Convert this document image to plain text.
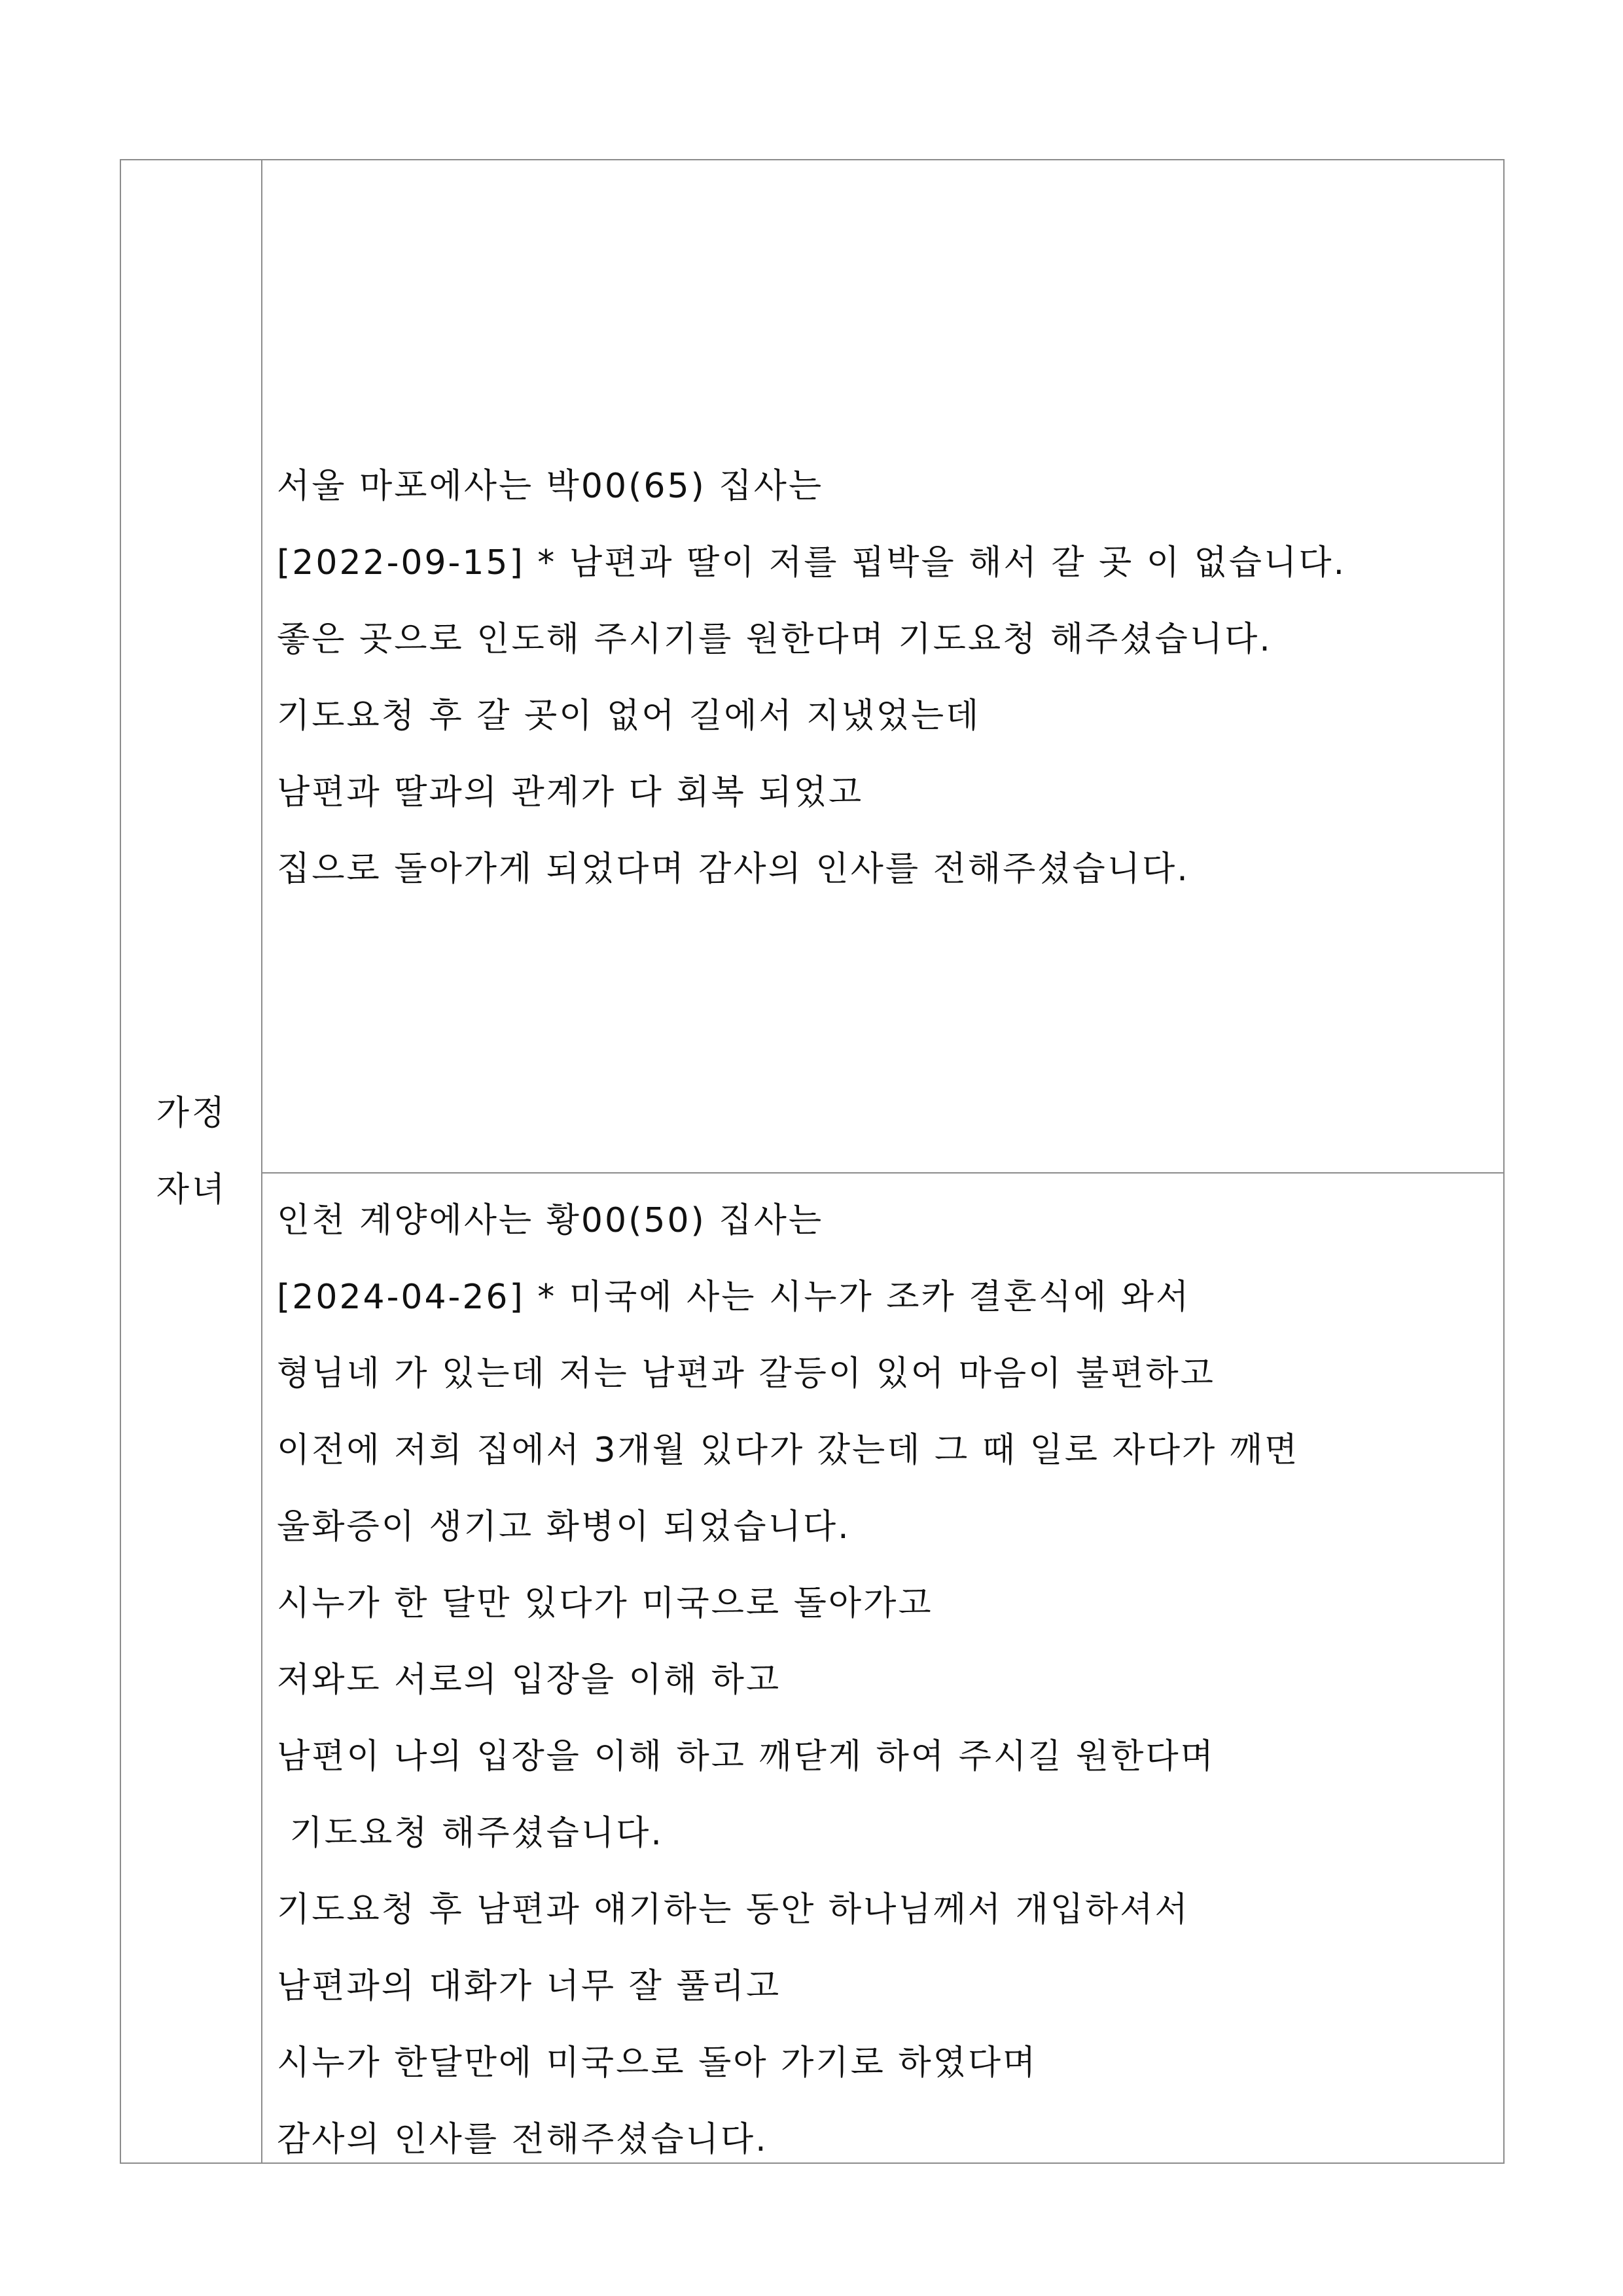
가정
자녀
서울 마포에사는 박00(65) 집사는
[2022-09-15] * 남편과 딸이 저를 핍박을 해서 갈 곳 이 없습니다.
좋은 곳으로 인도해 주시기를 원한다며 기도요청 해주셨습니다.
기도요청 후 갈 곳이 없어 길에서 지냈었는데
남편과 딸과의 관계가 다 회복 되었고
집으로 돌아가게 되었다며 감사의 인사를 전해주셨습니다.
인천 계양에사는 황00(50) 집사는
[2024-04-26] * 미국에 사는 시누가 조카 결혼식에 와서
형님네 가 있는데 저는 남편과 갈등이 있어 마음이 불편하고
이전에 저희 집에서 3개월 있다가 갔는데 그 때 일로 자다가 깨면
울화증이 생기고 화병이 되었습니다.
시누가 한 달만 있다가 미국으로 돌아가고
저와도 서로의 입장을 이해 하고
남편이 나의 입장을 이해 하고 깨닫게 하여 주시길 원한다며
기도요청 해주셨습니다.
기도요청 후 남편과 얘기하는 동안 하나님께서 개입하셔서
남편과의 대화가 너무 잘 풀리고
시누가 한달만에 미국으로 돌아 가기로 하였다며
감사의 인사를 전해주셨습니다.
